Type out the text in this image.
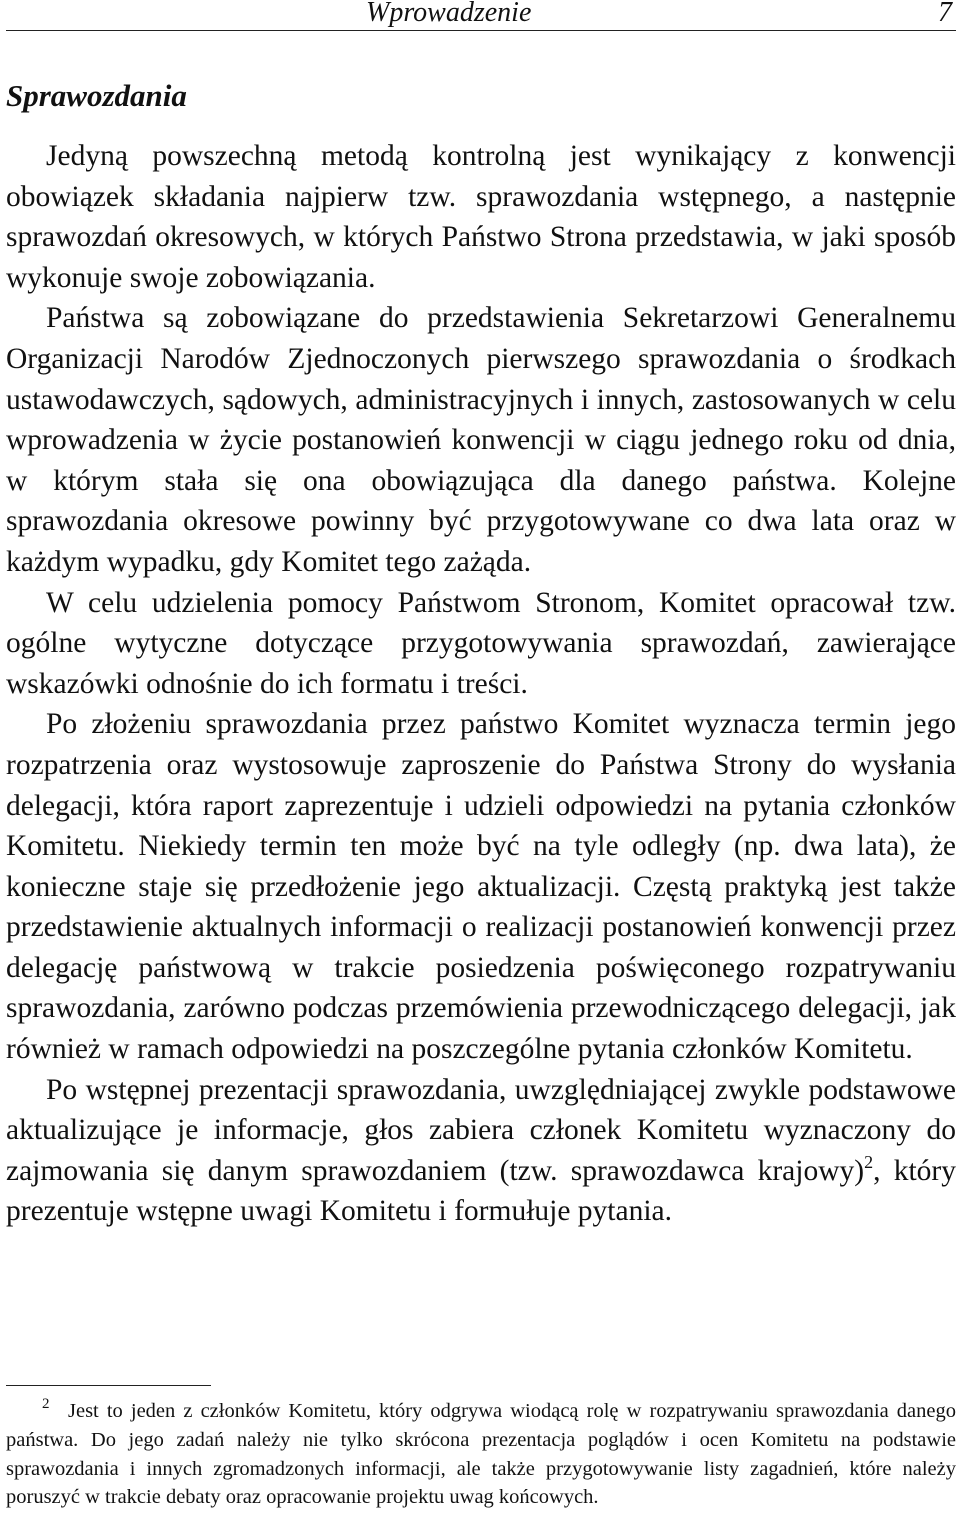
Wprowadzenie	7
Sprawozdania

Jedyną powszechną metodą kontrolną jest wynikający z konwencji obowiązek składania najpierw tzw. sprawozdania wstępnego, a następnie sprawozdań okresowych, w których Państwo Strona przedstawia, w jaki sposób wykonuje swoje zobowiązania.

Państwa są zobowiązane do przedstawienia Sekretarzowi Generalnemu Organizacji Narodów Zjednoczonych pierwszego sprawozdania o środkach ustawodawczych, sądowych, administracyjnych i innych, zastosowanych w celu wprowadzenia w życie postanowień konwencji w ciągu jednego roku od dnia, w którym stała się ona obowiązująca dla danego państwa. Kolejne sprawozdania okresowe powinny być przygotowywane co dwa lata oraz w każdym wypadku, gdy Komitet tego zażąda.

W celu udzielenia pomocy Państwom Stronom, Komitet opracował tzw. ogólne wytyczne dotyczące przygotowywania sprawozdań, zawierające wskazówki odnośnie do ich formatu i treści.

Po złożeniu sprawozdania przez państwo Komitet wyznacza termin jego rozpatrzenia oraz wystosowuje zaproszenie do Państwa Strony do wysłania delegacji, która raport zaprezentuje i udzieli odpowiedzi na pytania członków Komitetu. Niekiedy termin ten może być na tyle odległy (np. dwa lata), że konieczne staje się przedłożenie jego aktualizacji. Częstą praktyką jest także przedstawienie aktualnych informacji o realizacji postanowień konwencji przez delegację państwową w trakcie posiedzenia poświęconego rozpatrywaniu sprawozdania, zarówno podczas przemówienia przewodniczącego delegacji, jak również w ramach odpowiedzi na poszczególne pytania członków Komitetu.

Po wstępnej prezentacji sprawozdania, uwzględniającej zwykle podstawowe aktualizujące je informacje, głos zabiera członek Komitetu wyznaczony do zajmowania się danym sprawozdaniem (tzw. sprawozdawca krajowy)$^2$, który prezentuje wstępne uwagi Komitetu i formułuje pytania.

2 Jest to jeden z członków Komitetu, który odgrywa wiodącą rolę w rozpatrywaniu sprawozdania danego państwa. Do jego zadań należy nie tylko skrócona prezentacja poglądów i ocen Komitetu na podstawie sprawozdania i innych zgromadzonych informacji, ale także przygotowywanie listy zagadnień, które należy poruszyć w trakcie debaty oraz opracowanie projektu uwag końcowych.
